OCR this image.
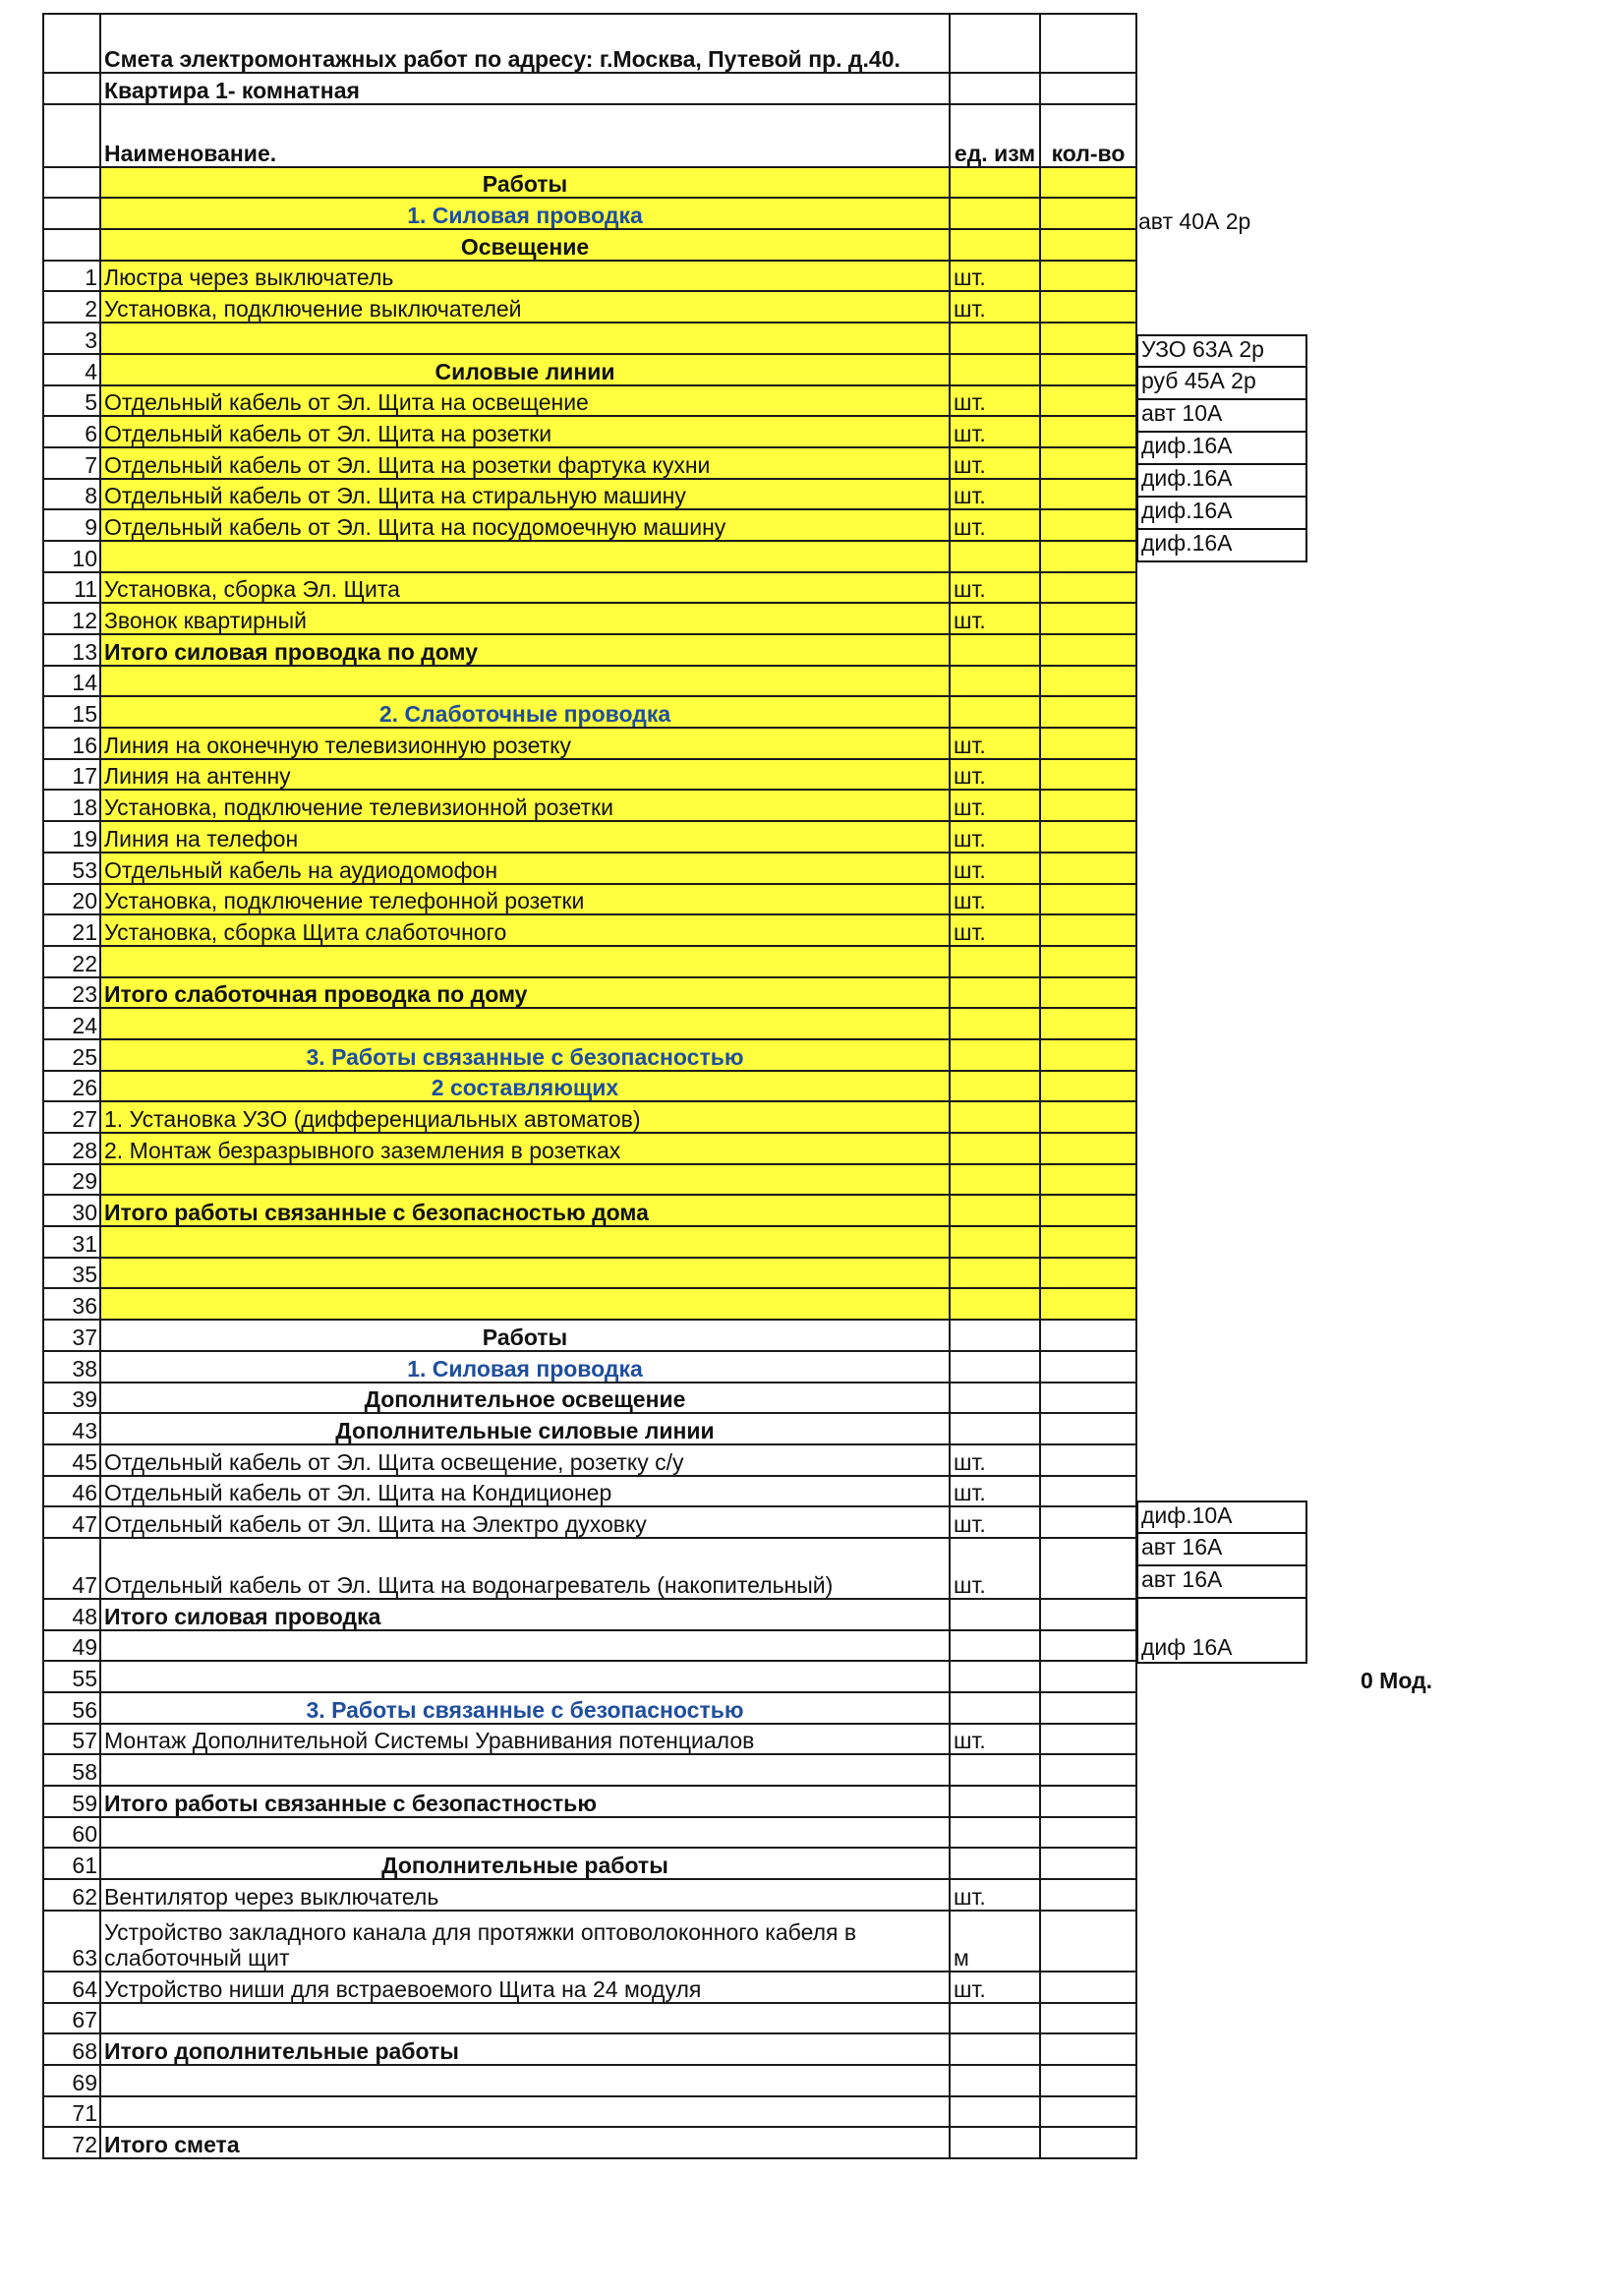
	Смета электромонтажных работ по адресу: г.Москва, Путевой пр. д.40.		
	Квартира 1- комнатная		
	Наименование.	ед. изм	кол-во
	Работы		
	1. Силовая проводка		
	Освещение		
1	Люстра через выключатель	шт.	
2	Установка, подключение выключателей	шт.	
3			
4	Силовые линии		
5	Отдельный кабель от Эл. Щита на освещение	шт.	
6	Отдельный кабель от Эл. Щита на розетки	шт.	
7	Отдельный кабель от Эл. Щита на розетки фартука кухни	шт.	
8	Отдельный кабель от Эл. Щита на стиральную машину	шт.	
9	Отдельный кабель от Эл. Щита на посудомоечную машину	шт.	
10			
11	Установка, сборка Эл. Щита	шт.	
12	Звонок квартирный	шт.	
13	Итого силовая проводка по дому		
14			
15	2. Слаботочные проводка		
16	Линия на оконечную телевизионную розетку	шт.	
17	Линия на антенну	шт.	
18	Установка, подключение телевизионной розетки	шт.	
19	Линия на телефон	шт.	
53	Отдельный кабель на аудиодомофон	шт.	
20	Установка, подключение телефонной розетки	шт.	
21	Установка, сборка Щита слаботочного	шт.	
22			
23	Итого слаботочная проводка по дому		
24			
25	3. Работы связанные с безопасностью		
26	2 составляющих		
27	1. Установка УЗО (дифференциальных автоматов)		
28	2. Монтаж безразрывного заземления в розетках		
29			
30	Итого работы связанные с безопасностью дома		
31			
35			
36			
37	Работы		
38	1. Силовая проводка		
39	Дополнительное освещение		
43	Дополнительные силовые линии		
45	Отдельный кабель от Эл. Щита освещение, розетку с/у	шт.	
46	Отдельный кабель от Эл. Щита на Кондиционер	шт.	
47	Отдельный кабель от Эл. Щита на Электро духовку	шт.	
47	Отдельный кабель от Эл. Щита на водонагреватель (накопительный)	шт.	
48	Итого силовая проводка		
49			
55			
56	3. Работы связанные с безопасностью		
57	Монтаж Дополнительной Системы Уравнивания потенциалов	шт.	
58			
59	Итого работы связанные с безопастностью		
60			
61	Дополнительные работы		
62	Вентилятор через выключатель	шт.	
63	Устройство закладного канала для протяжки оптоволоконного кабеля в слаботочный щит	м	
64	Устройство ниши для встраевоемого Щита на 24 модуля	шт.	
67			
68	Итого дополнительные работы		
69			
71			
72	Итого смета		
авт 40А 2р
УЗО 63А 2р
руб 45А 2р
авт 10А
диф.16А
диф.16А
диф.16А
диф.16А
диф.10А
авт 16А
авт 16А
диф 16А
0 Мод.
